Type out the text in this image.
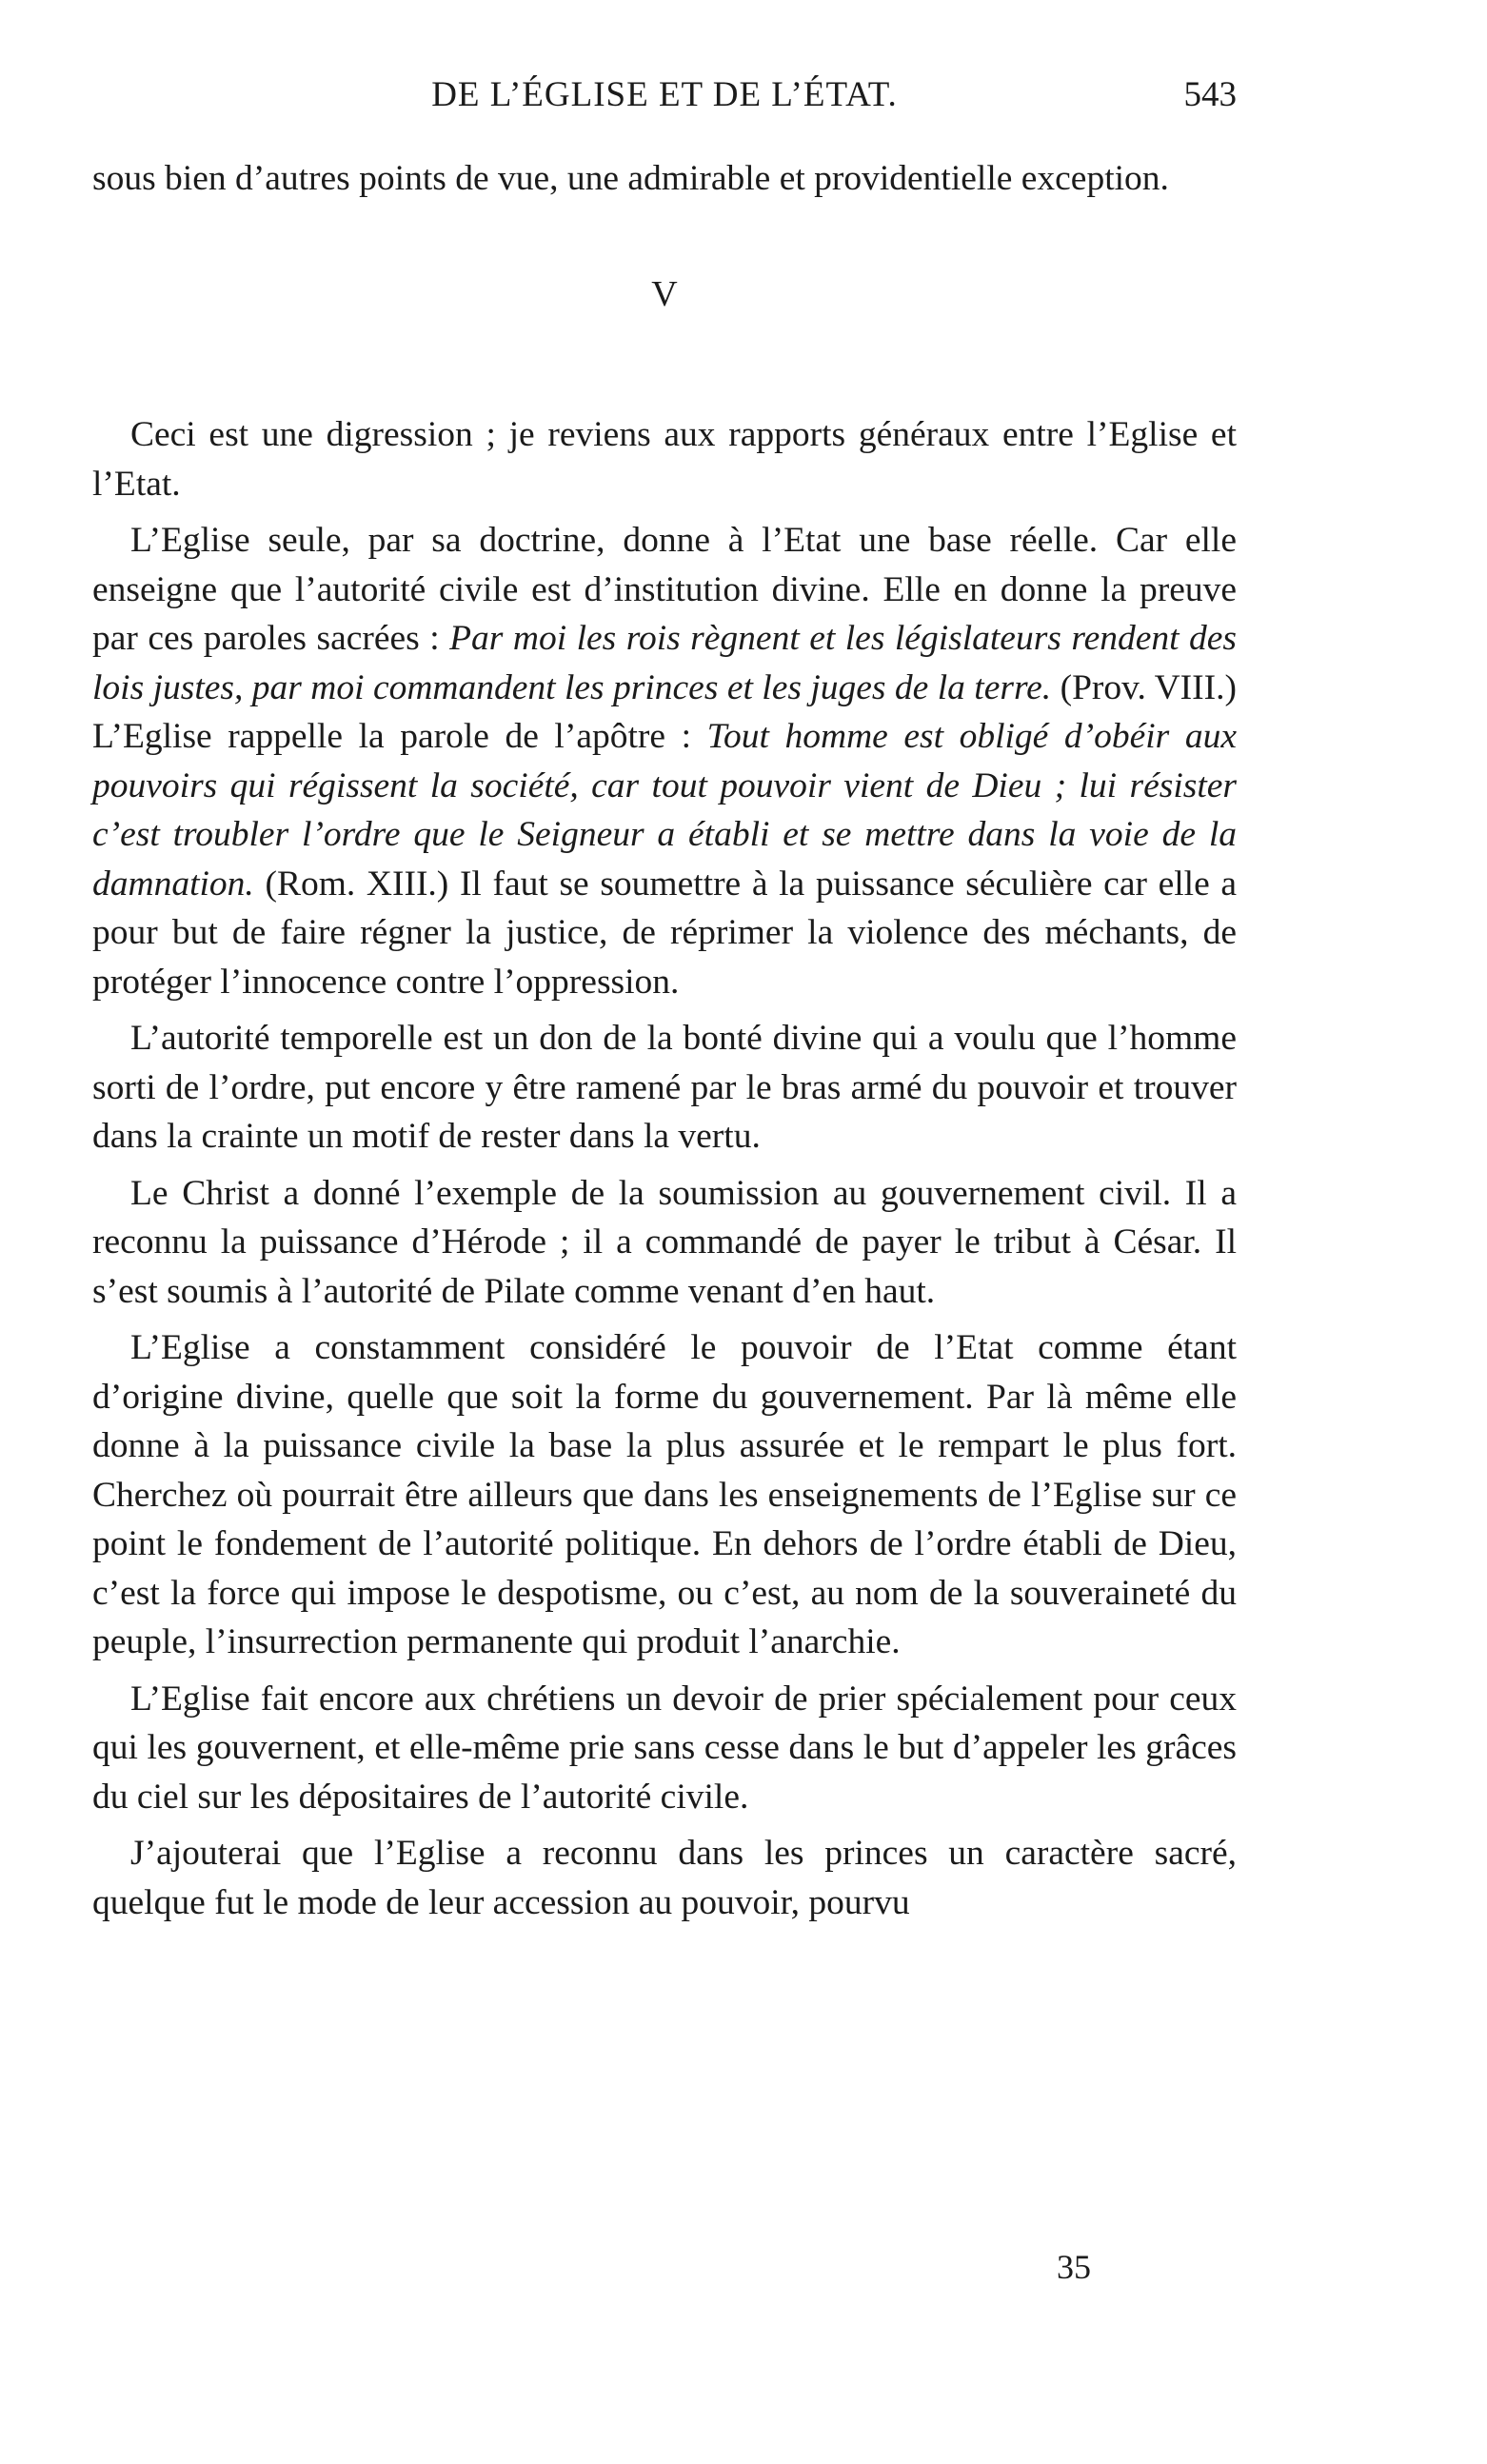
DE L’ÉGLISE ET DE L’ÉTAT.	543

sous bien d’autres points de vue, une admirable et providentielle exception.

V

Ceci est une digression ; je reviens aux rapports généraux entre l’Eglise et l’Etat.

L’Eglise seule, par sa doctrine, donne à l’Etat une base réelle. Car elle enseigne que l’autorité civile est d’institution divine. Elle en donne la preuve par ces paroles sacrées : Par moi les rois règnent et les législateurs rendent des lois justes, par moi commandent les princes et les juges de la terre. (Prov. VIII.) L’Eglise rappelle la parole de l’apôtre : Tout homme est obligé d’obéir aux pouvoirs qui régissent la société, car tout pouvoir vient de Dieu ; lui résister c’est troubler l’ordre que le Seigneur a établi et se mettre dans la voie de la damnation. (Rom. XIII.) Il faut se soumettre à la puissance séculière car elle a pour but de faire régner la justice, de réprimer la violence des méchants, de protéger l’innocence contre l’oppression.

L’autorité temporelle est un don de la bonté divine qui a voulu que l’homme sorti de l’ordre, put encore y être ramené par le bras armé du pouvoir et trouver dans la crainte un motif de rester dans la vertu.

Le Christ a donné l’exemple de la soumission au gouvernement civil. Il a reconnu la puissance d’Hérode ; il a commandé de payer le tribut à César. Il s’est soumis à l’autorité de Pilate comme venant d’en haut.

L’Eglise a constamment considéré le pouvoir de l’Etat comme étant d’origine divine, quelle que soit la forme du gouvernement. Par là même elle donne à la puissance civile la base la plus assurée et le rempart le plus fort. Cherchez où pourrait être ailleurs que dans les enseignements de l’Eglise sur ce point le fondement de l’autorité politique. En dehors de l’ordre établi de Dieu, c’est la force qui impose le despotisme, ou c’est, au nom de la souveraineté du peuple, l’insurrection permanente qui produit l’anarchie.

L’Eglise fait encore aux chrétiens un devoir de prier spécialement pour ceux qui les gouvernent, et elle-même prie sans cesse dans le but d’appeler les grâces du ciel sur les dépositaires de l’autorité civile.

J’ajouterai que l’Eglise a reconnu dans les princes un caractère sacré, quelque fut le mode de leur accession au pouvoir, pourvu

35
